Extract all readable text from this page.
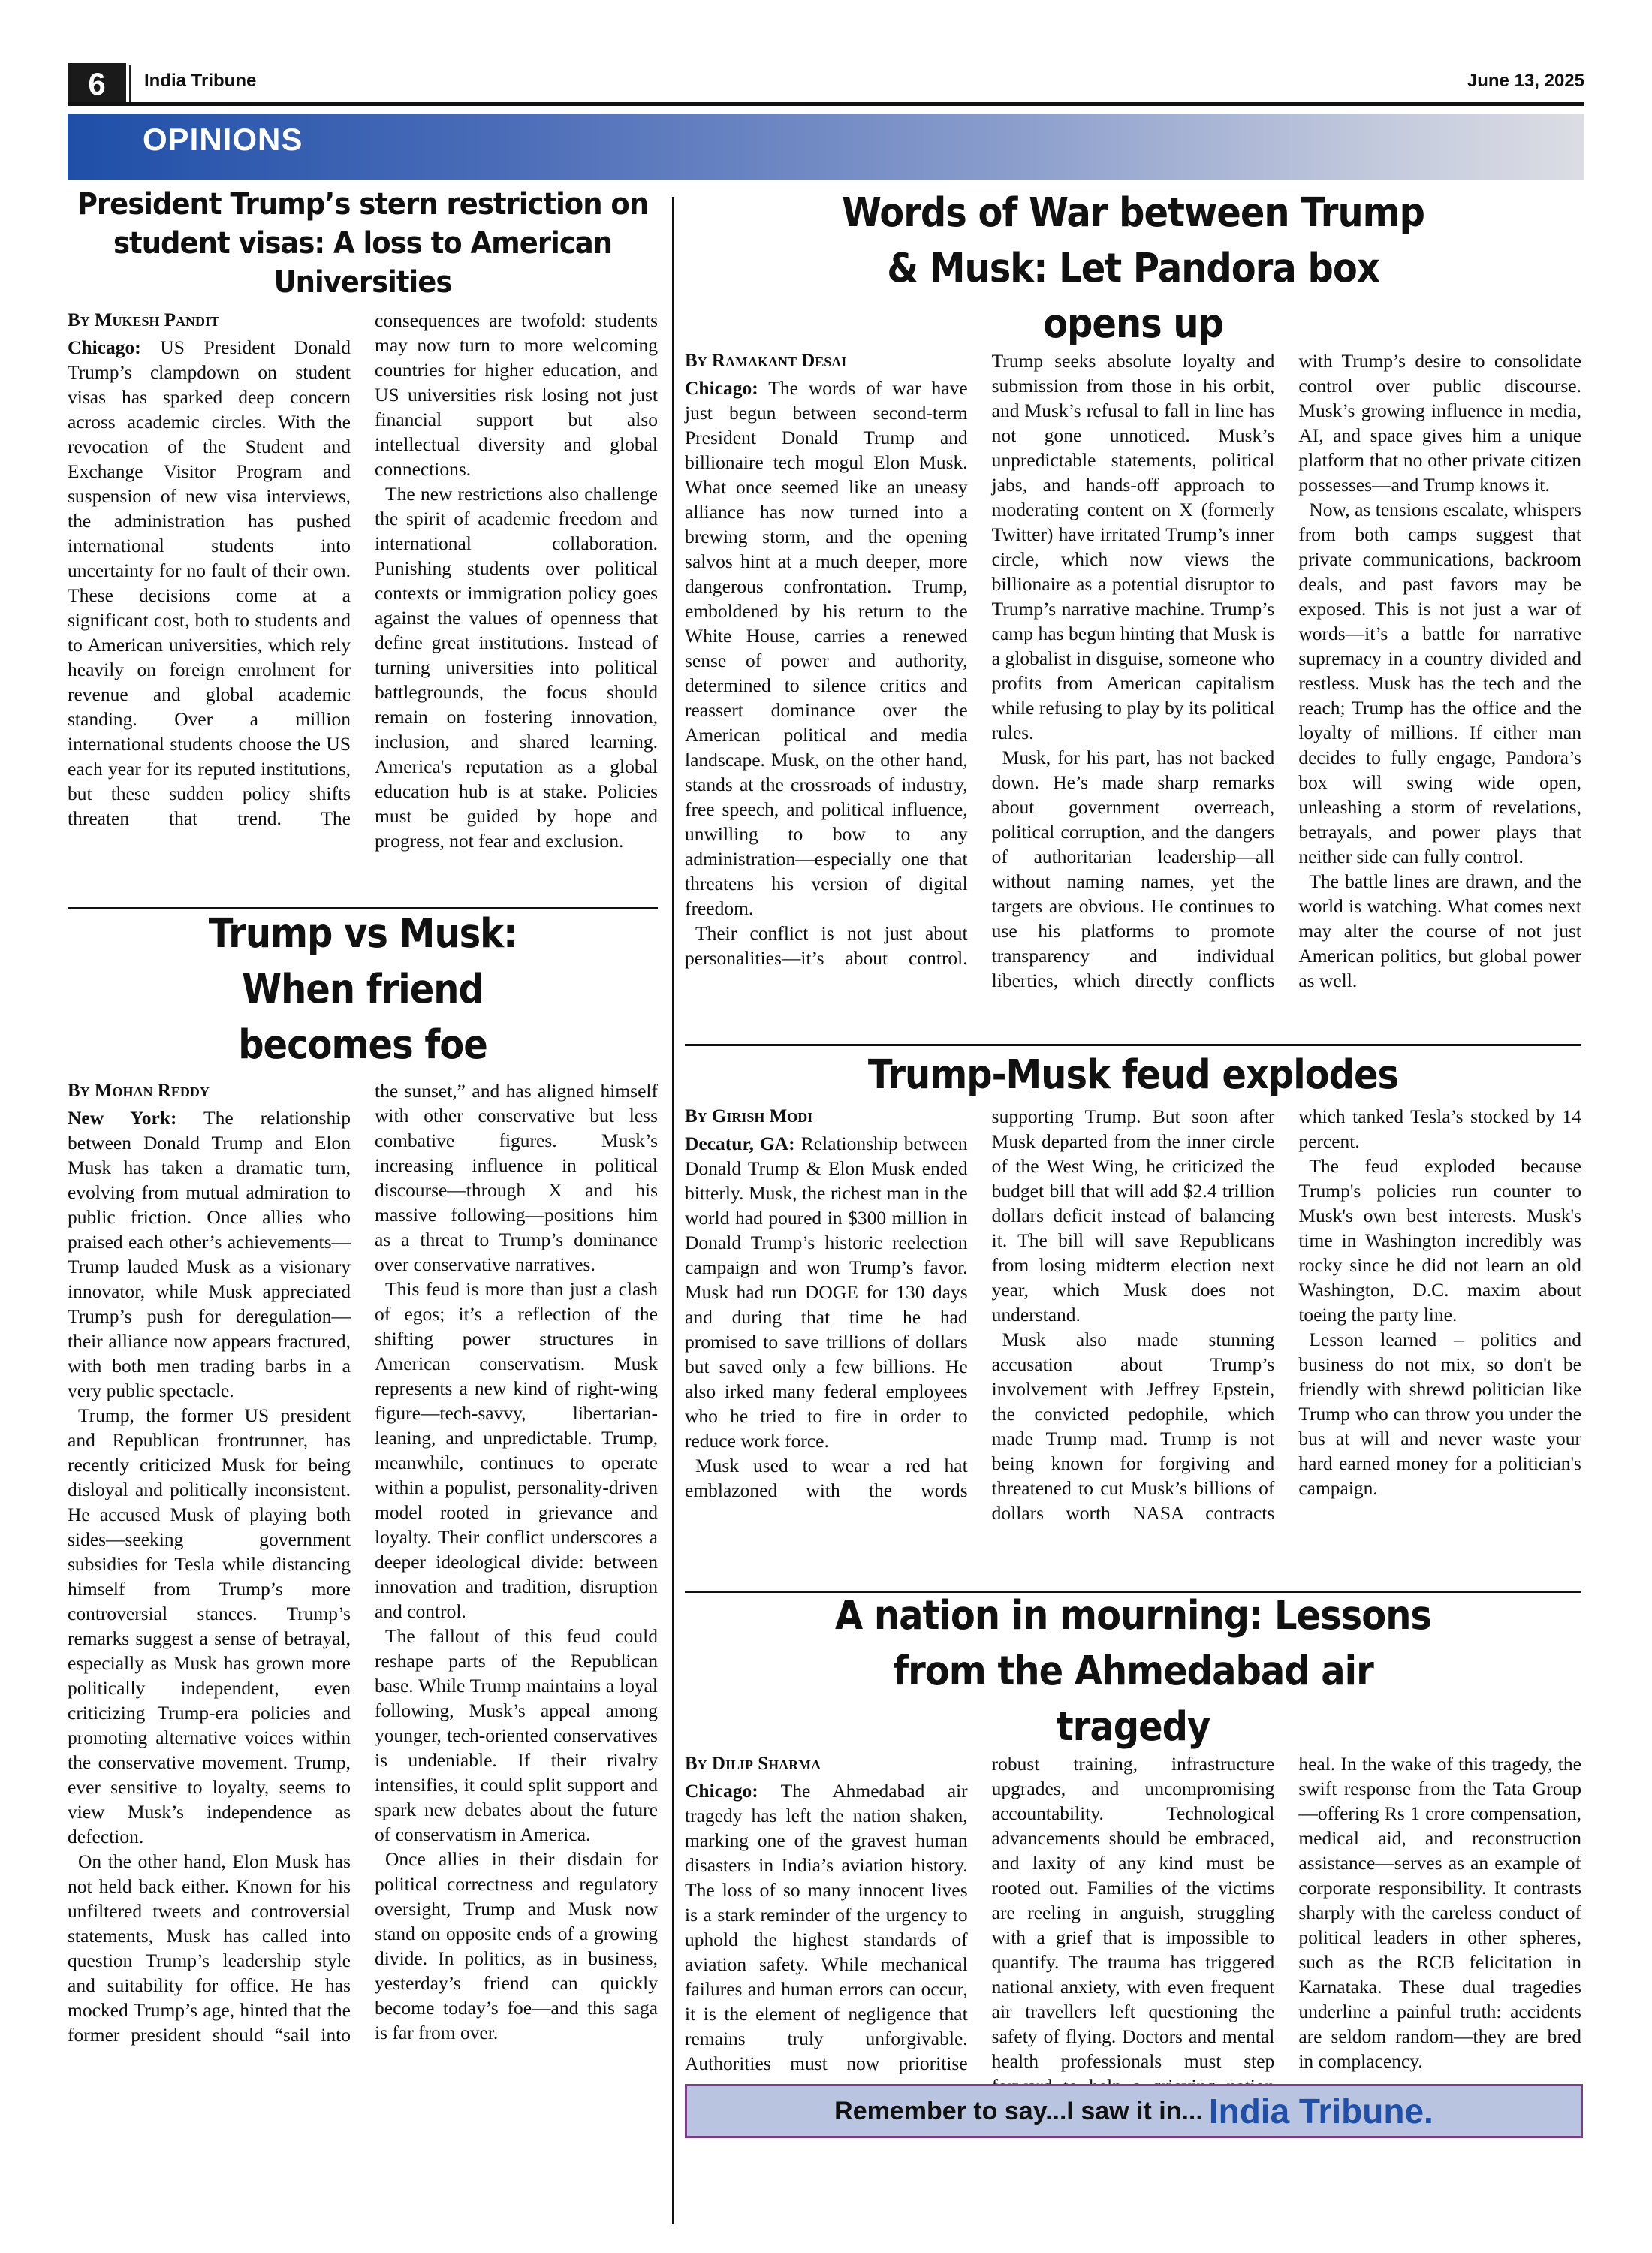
6	India Tribune	June 13, 2025
OPINIONS
President Trump’s stern restriction on student visas: A loss to American Universities
By Mukesh Pandit

Chicago: US President Donald Trump’s clampdown on student visas has sparked deep concern across academic circles. With the revocation of the Student and Exchange Visitor Program and suspension of new visa interviews, the administration has pushed international students into uncertainty for no fault of their own. These decisions come at a significant cost, both to students and to American universities, which rely heavily on foreign enrolment for revenue and global academic standing. Over a million international students choose the US each year for its reputed institutions, but these sudden policy shifts threaten that trend. The consequences are twofold: students may now turn to more welcoming countries for higher education, and US universities risk losing not just financial support but also intellectual diversity and global connections.

The new restrictions also challenge the spirit of academic freedom and international collaboration. Punishing students over political contexts or immigration policy goes against the values of openness that define great institutions. Instead of turning universities into political battlegrounds, the focus should remain on fostering innovation, inclusion, and shared learning. America's reputation as a global education hub is at stake. Policies must be guided by hope and progress, not fear and exclusion.

Trump vs Musk: When friend becomes foe
By Mohan Reddy

New York: The relationship between Donald Trump and Elon Musk has taken a dramatic turn, evolving from mutual admiration to public friction. Once allies who praised each other’s achievements—Trump lauded Musk as a visionary innovator, while Musk appreciated Trump’s push for deregulation—their alliance now appears fractured, with both men trading barbs in a very public spectacle.

Trump, the former US president and Republican frontrunner, has recently criticized Musk for being disloyal and politically inconsistent. He accused Musk of playing both sides—seeking government subsidies for Tesla while distancing himself from Trump’s more controversial stances. Trump’s remarks suggest a sense of betrayal, especially as Musk has grown more politically independent, even criticizing Trump-era policies and promoting alternative voices within the conservative movement. Trump, ever sensitive to loyalty, seems to view Musk’s independence as defection.

On the other hand, Elon Musk has not held back either. Known for his unfiltered tweets and controversial statements, Musk has called into question Trump’s leadership style and suitability for office. He has mocked Trump’s age, hinted that the former president should “sail into the sunset,” and has aligned himself with other conservative but less combative figures. Musk’s increasing influence in political discourse—through X and his massive following—positions him as a threat to Trump’s dominance over conservative narratives.

This feud is more than just a clash of egos; it’s a reflection of the shifting power structures in American conservatism. Musk represents a new kind of right-wing figure—tech-savvy, libertarian-leaning, and unpredictable. Trump, meanwhile, continues to operate within a populist, personality-driven model rooted in grievance and loyalty. Their conflict underscores a deeper ideological divide: between innovation and tradition, disruption and control.

The fallout of this feud could reshape parts of the Republican base. While Trump maintains a loyal following, Musk’s appeal among younger, tech-oriented conservatives is undeniable. If their rivalry intensifies, it could split support and spark new debates about the future of conservatism in America.

Once allies in their disdain for political correctness and regulatory oversight, Trump and Musk now stand on opposite ends of a growing divide. In politics, as in business, yesterday’s friend can quickly become today’s foe—and this saga is far from over.

Words of War between Trump & Musk: Let Pandora box opens up
By Ramakant Desai

Chicago: The words of war have just begun between second-term President Donald Trump and billionaire tech mogul Elon Musk. What once seemed like an uneasy alliance has now turned into a brewing storm, and the opening salvos hint at a much deeper, more dangerous confrontation. Trump, emboldened by his return to the White House, carries a renewed sense of power and authority, determined to silence critics and reassert dominance over the American political and media landscape. Musk, on the other hand, stands at the crossroads of industry, free speech, and political influence, unwilling to bow to any administration—especially one that threatens his version of digital freedom.

Their conflict is not just about personalities—it’s about control. Trump seeks absolute loyalty and submission from those in his orbit, and Musk’s refusal to fall in line has not gone unnoticed. Musk’s unpredictable statements, political jabs, and hands-off approach to moderating content on X (formerly Twitter) have irritated Trump’s inner circle, which now views the billionaire as a potential disruptor to Trump’s narrative machine. Trump’s camp has begun hinting that Musk is a globalist in disguise, someone who profits from American capitalism while refusing to play by its political rules.

Musk, for his part, has not backed down. He’s made sharp remarks about government overreach, political corruption, and the dangers of authoritarian leadership—all without naming names, yet the targets are obvious. He continues to use his platforms to promote transparency and individual liberties, which directly conflicts with Trump’s desire to consolidate control over public discourse. Musk’s growing influence in media, AI, and space gives him a unique platform that no other private citizen possesses—and Trump knows it.

Now, as tensions escalate, whispers from both camps suggest that private communications, backroom deals, and past favors may be exposed. This is not just a war of words—it’s a battle for narrative supremacy in a country divided and restless. Musk has the tech and the reach; Trump has the office and the loyalty of millions. If either man decides to fully engage, Pandora’s box will swing wide open, unleashing a storm of revelations, betrayals, and power plays that neither side can fully control.

The battle lines are drawn, and the world is watching. What comes next may alter the course of not just American politics, but global power as well.

Trump-Musk feud explodes
By Girish Modi

Decatur, GA: Relationship between Donald Trump & Elon Musk ended bitterly. Musk, the richest man in the world had poured in $300 million in Donald Trump’s historic reelection campaign and won Trump’s favor. Musk had run DOGE for 130 days and during that time he had promised to save trillions of dollars but saved only a few billions. He also irked many federal employees who he tried to fire in order to reduce work force.

Musk used to wear a red hat emblazoned with the words supporting Trump. But soon after Musk departed from the inner circle of the West Wing, he criticized the budget bill that will add $2.4 trillion dollars deficit instead of balancing it. The bill will save Republicans from losing midterm election next year, which Musk does not understand.

Musk also made stunning accusation about Trump’s involvement with Jeffrey Epstein, the convicted pedophile, which made Trump mad. Trump is not being known for forgiving and threatened to cut Musk’s billions of dollars worth NASA contracts which tanked Tesla’s stocked by 14 percent.

The feud exploded because Trump's policies run counter to Musk's own best interests. Musk's time in Washington incredibly was rocky since he did not learn an old Washington, D.C. maxim about toeing the party line.

Lesson learned – politics and business do not mix, so don't be friendly with shrewd politician like Trump who can throw you under the bus at will and never waste your hard earned money for a politician's campaign.

A nation in mourning: Lessons from the Ahmedabad air tragedy
By Dilip Sharma

Chicago: The Ahmedabad air tragedy has left the nation shaken, marking one of the gravest human disasters in India’s aviation history. The loss of so many innocent lives is a stark reminder of the urgency to uphold the highest standards of aviation safety. While mechanical failures and human errors can occur, it is the element of negligence that remains truly unforgivable. Authorities must now prioritise robust training, infrastructure upgrades, and uncompromising accountability. Technological advancements should be embraced, and laxity of any kind must be rooted out. Families of the victims are reeling in anguish, struggling with a grief that is impossible to quantify. The trauma has triggered national anxiety, with even frequent air travellers left questioning the safety of flying. Doctors and mental health professionals must step heal. In the wake of this tragedy, the swift response from the Tata Group—offering Rs 1 crore compensation, medical aid, and reconstruction assistance—serves as an example of corporate responsibility. It contrasts sharply with the careless conduct of political leaders in other spheres, such as the RCB felicitation in Karnataka. These dual tragedies underline a painful truth: accidents are seldom random—they are bred in complacency.

Remember to say...I saw it in... India Tribune.
